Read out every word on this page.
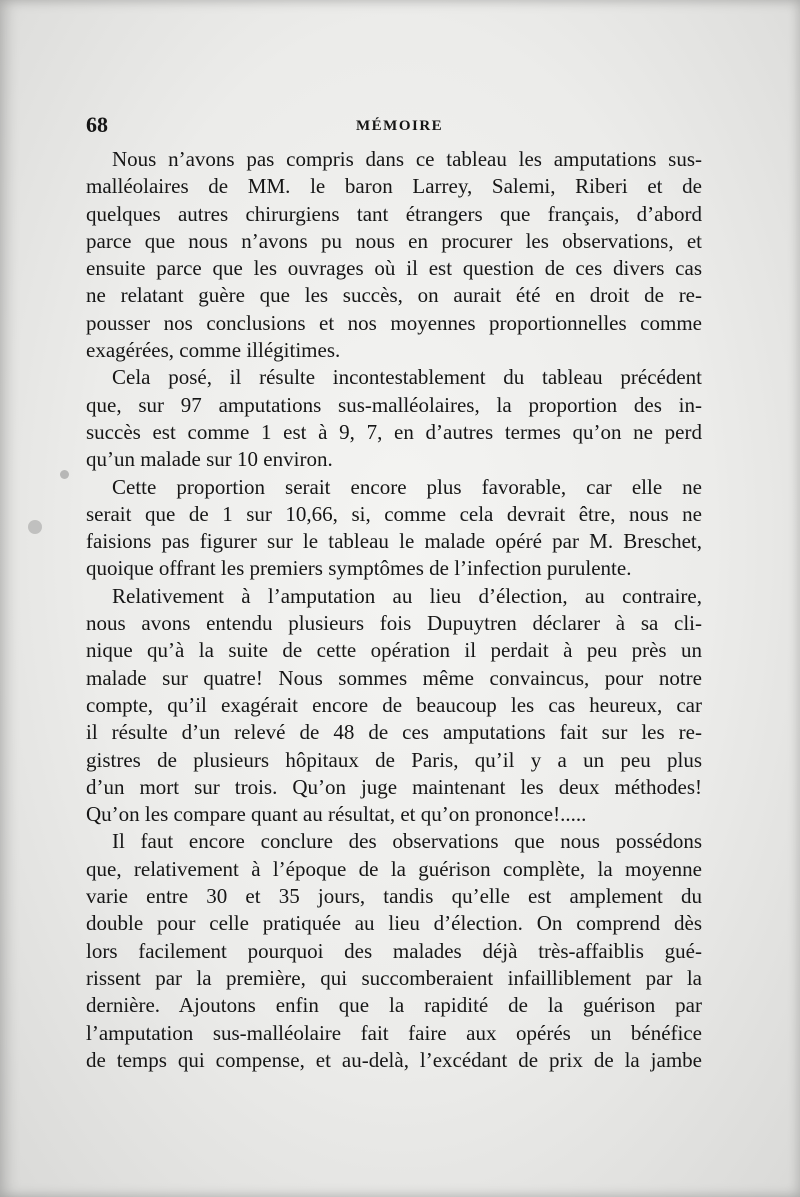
68	MÉMOIRE
Nous n’avons pas compris dans ce tableau les amputations sus-
malléolaires de MM. le baron Larrey, Salemi, Riberi et de
quelques autres chirurgiens tant étrangers que français, d’abord
parce que nous n’avons pu nous en procurer les observations, et
ensuite parce que les ouvrages où il est question de ces divers cas
ne relatant guère que les succès, on aurait été en droit de re-
pousser nos conclusions et nos moyennes proportionnelles comme
exagérées, comme illégitimes.
Cela posé, il résulte incontestablement du tableau précédent
que, sur 97 amputations sus-malléolaires, la proportion des in-
succès est comme 1 est à 9, 7, en d’autres termes qu’on ne perd
qu’un malade sur 10 environ.
Cette proportion serait encore plus favorable, car elle ne
serait que de 1 sur 10,66, si, comme cela devrait être, nous ne
faisions pas figurer sur le tableau le malade opéré par M. Breschet,
quoique offrant les premiers symptômes de l’infection purulente.
Relativement à l’amputation au lieu d’élection, au contraire,
nous avons entendu plusieurs fois Dupuytren déclarer à sa cli-
nique qu’à la suite de cette opération il perdait à peu près un
malade sur quatre! Nous sommes même convaincus, pour notre
compte, qu’il exagérait encore de beaucoup les cas heureux, car
il résulte d’un relevé de 48 de ces amputations fait sur les re-
gistres de plusieurs hôpitaux de Paris, qu’il y a un peu plus
d’un mort sur trois. Qu’on juge maintenant les deux méthodes!
Qu’on les compare quant au résultat, et qu’on prononce!.....
Il faut encore conclure des observations que nous possédons
que, relativement à l’époque de la guérison complète, la moyenne
varie entre 30 et 35 jours, tandis qu’elle est amplement du
double pour celle pratiquée au lieu d’élection. On comprend dès
lors facilement pourquoi des malades déjà très-affaiblis gué-
rissent par la première, qui succomberaient infailliblement par la
dernière. Ajoutons enfin que la rapidité de la guérison par
l’amputation sus-malléolaire fait faire aux opérés un bénéfice
de temps qui compense, et au-delà, l’excédant de prix de la jambe
